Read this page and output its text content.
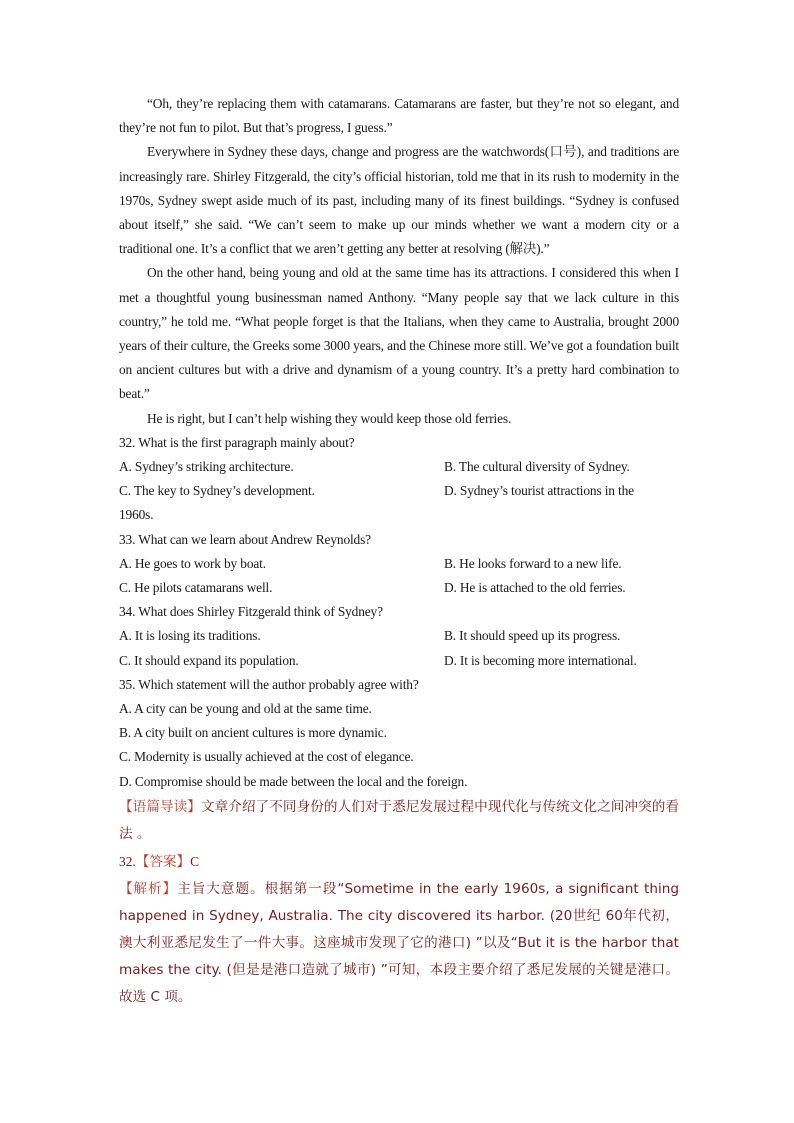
“Oh, they’re replacing them with catamarans. Catamarans are faster, but they’re not so elegant, and they’re not fun to pilot. But that’s progress, I guess.”

Everywhere in Sydney these days, change and progress are the watchwords(口号), and traditions are increasingly rare. Shirley Fitzgerald, the city’s official historian, told me that in its rush to modernity in the 1970s, Sydney swept aside much of its past, including many of its finest buildings. “Sydney is confused about itself,” she said. “We can’t seem to make up our minds whether we want a modern city or a traditional one. It’s a conflict that we aren’t getting any better at resolving (解决).”

On the other hand, being young and old at the same time has its attractions. I considered this when I met a thoughtful young businessman named Anthony. “Many people say that we lack culture in this country,” he told me. “What people forget is that the Italians, when they came to Australia, brought 2000 years of their culture, the Greeks some 3000 years, and the Chinese more still. We’ve got a foundation built on ancient cultures but with a drive and dynamism of a young country. It’s a pretty hard combination to beat.”

He is right, but I can’t help wishing they would keep those old ferries.

32. What is the first paragraph mainly about?

A. Sydney’s striking architecture.	B. The cultural diversity of Sydney.
C. The key to Sydney’s development.	D. Sydney’s tourist attractions in the

1960s.

33. What can we learn about Andrew Reynolds?

A. He goes to work by boat.	B. He looks forward to a new life.
C. He pilots catamarans well.	D. He is attached to the old ferries.

34. What does Shirley Fitzgerald think of Sydney?

A. It is losing its traditions.	B. It should speed up its progress.
C. It should expand its population.	D. It is becoming more international.

35. Which statement will the author probably agree with?

A. A city can be young and old at the same time.

B. A city built on ancient cultures is more dynamic.

C. Modernity is usually achieved at the cost of elegance.

D. Compromise should be made between the local and the foreign.

【语篇导读】文章介绍了不同身份的人们对于悉尼发展过程中现代化与传统文化之间冲突的看法 。

32.【答案】C

【解析】主旨大意题。根据第一段“Sometime in the early 1960s, a significant thing happened in Sydney, Australia. The city discovered its harbor. (20世纪 60年代初，澳大利亚悉尼发生了一件大事。这座城市发现了它的港口) ”以及“But it is the harbor that makes the city. (但是是港口造就了城市) ”可知，本段主要介绍了悉尼发展的关键是港口。故选 C 项。
